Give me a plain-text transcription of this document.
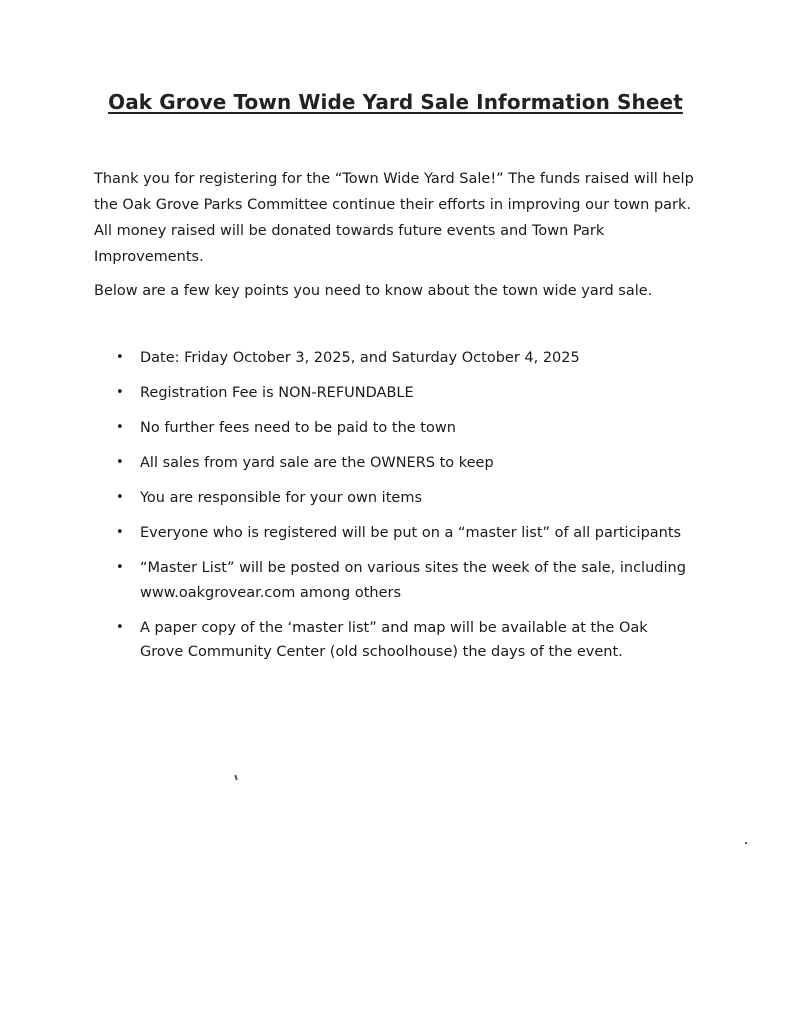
Oak Grove Town Wide Yard Sale Information Sheet

Thank you for registering for the “Town Wide Yard Sale!” The funds raised will help the Oak Grove Parks Committee continue their efforts in improving our town park. All money raised will be donated towards future events and Town Park Improvements.

Below are a few key points you need to know about the town wide yard sale.

• Date: Friday October 3, 2025, and Saturday October 4, 2025
• Registration Fee is NON-REFUNDABLE
• No further fees need to be paid to the town
• All sales from yard sale are the OWNERS to keep
• You are responsible for your own items
• Everyone who is registered will be put on a “master list” of all participants
• “Master List” will be posted on various sites the week of the sale, including www.oakgrovear.com among others
• A paper copy of the ‘master list” and map will be available at the Oak Grove Community Center (old schoolhouse) the days of the event.
